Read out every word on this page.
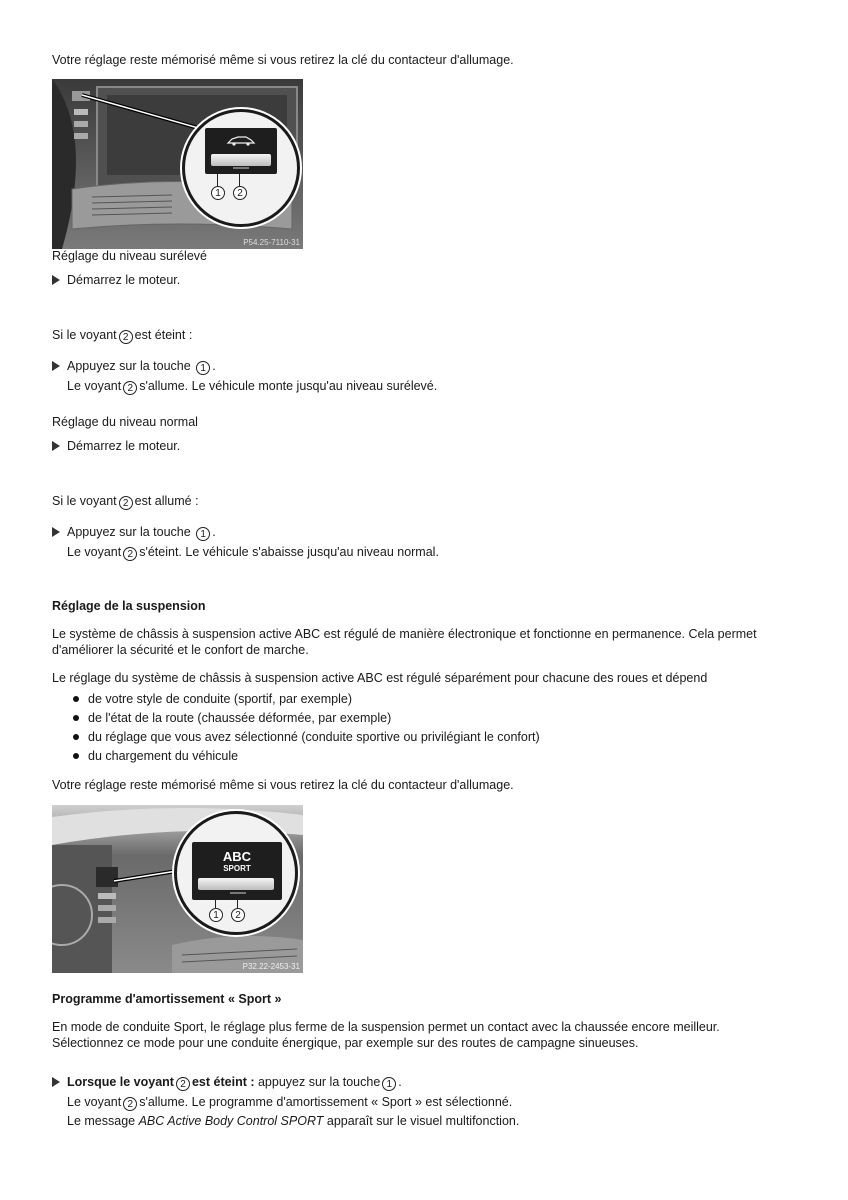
Votre réglage reste mémorisé même si vous retirez la clé du contacteur d'allumage.
1	2
P54.25-7110-31
Réglage du niveau surélevé
Démarrez le moteur.
Si le voyant 2 est éteint :
Appuyez sur la touche 1 .
Le voyant 2 s'allume. Le véhicule monte jusqu'au niveau surélevé.
Réglage du niveau normal
Démarrez le moteur.
Si le voyant 2 est allumé :
Appuyez sur la touche 1 .
Le voyant 2 s'éteint. Le véhicule s'abaisse jusqu'au niveau normal.
Réglage de la suspension
Le système de châssis à suspension active ABC est régulé de manière électronique et fonctionne en permanence. Cela permet
d'améliorer la sécurité et le confort de marche.
Le réglage du système de châssis à suspension active ABC est régulé séparément pour chacune des roues et dépend
de votre style de conduite (sportif, par exemple)
de l'état de la route (chaussée déformée, par exemple)
du réglage que vous avez sélectionné (conduite sportive ou privilégiant le confort)
du chargement du véhicule
Votre réglage reste mémorisé même si vous retirez la clé du contacteur d'allumage.
ABC
SPORT
1	2
P32.22-2453-31
Programme d'amortissement « Sport »
En mode de conduite Sport, le réglage plus ferme de la suspension permet un contact avec la chaussée encore meilleur.
Sélectionnez ce mode pour une conduite énergique, par exemple sur des routes de campagne sinueuses.
Lorsque le voyant 2 est éteint : appuyez sur la touche 1 .
Le voyant 2 s'allume. Le programme d'amortissement « Sport » est sélectionné.
Le message ABC Active Body Control SPORT apparaît sur le visuel multifonction.
